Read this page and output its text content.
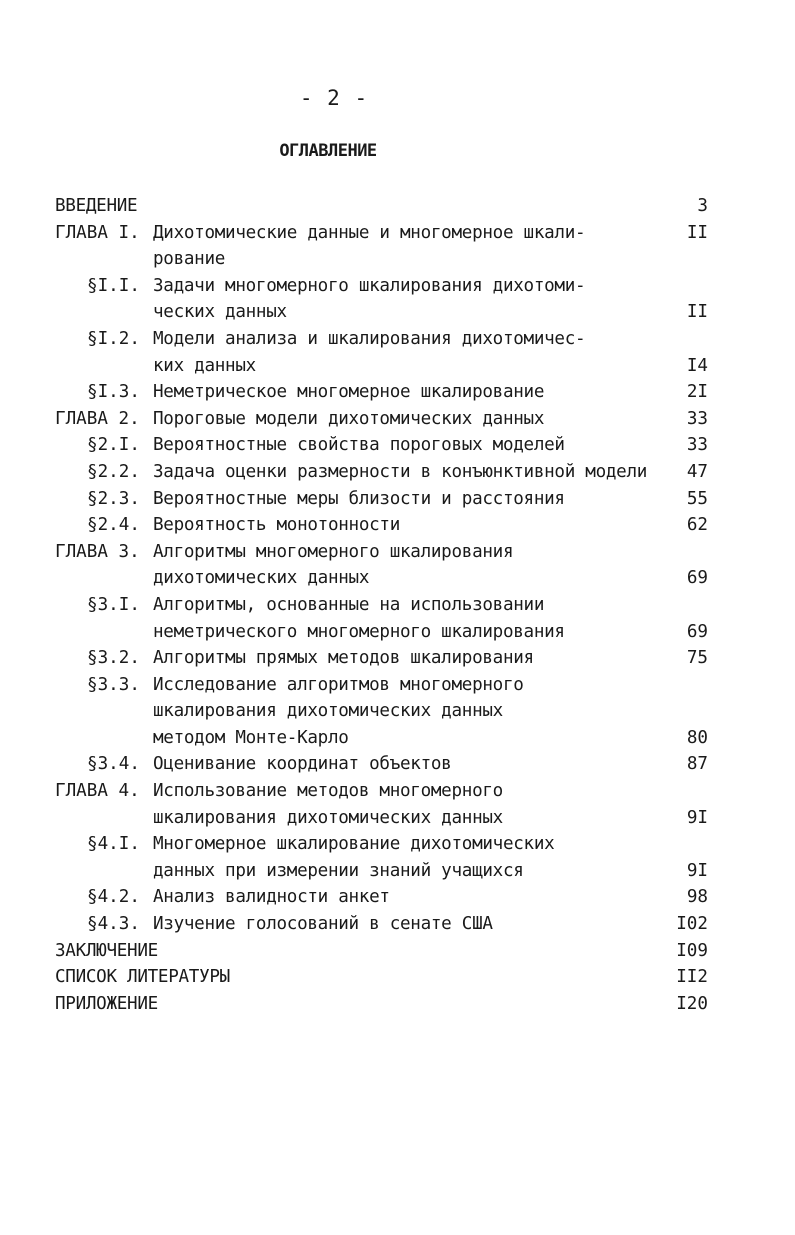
- 2 -
ОГЛАВЛЕНИЕ
ВВЕДЕНИЕ	3
ГЛАВА I. Дихотомические данные и многомерное шкали-	II
рование
§I.I. Задачи многомерного шкалирования дихотоми-
ческих данных	II
§I.2. Модели анализа и шкалирования дихотомичес-
ких данных	I4
§I.3. Неметрическое многомерное шкалирование	2I
ГЛАВА 2. Пороговые модели дихотомических данных	33
§2.I. Вероятностные свойства пороговых моделей	33
§2.2. Задача оценки размерности в конъюнктивной модели 47
§2.3. Вероятностные меры близости и расстояния	55
§2.4. Вероятность монотонности	62
ГЛАВА 3. Алгоритмы многомерного шкалирования
дихотомических данных	69
§3.I. Алгоритмы, основанные на использовании
неметрического многомерного шкалирования	69
§3.2. Алгоритмы прямых методов шкалирования	75
§3.3. Исследование алгоритмов многомерного
шкалирования дихотомических данных
методом Монте-Карло	80
§3.4. Оценивание координат объектов	87
ГЛАВА 4. Использование методов многомерного
шкалирования дихотомических данных	9I
§4.I. Многомерное шкалирование дихотомических
данных при измерении знаний учащихся	9I
§4.2. Анализ валидности анкет	98
§4.3. Изучение голосований в сенате США	I02
ЗАКЛЮЧЕНИЕ	I09
СПИСОК ЛИТЕРАТУРЫ	II2
ПРИЛОЖЕНИЕ	I20
